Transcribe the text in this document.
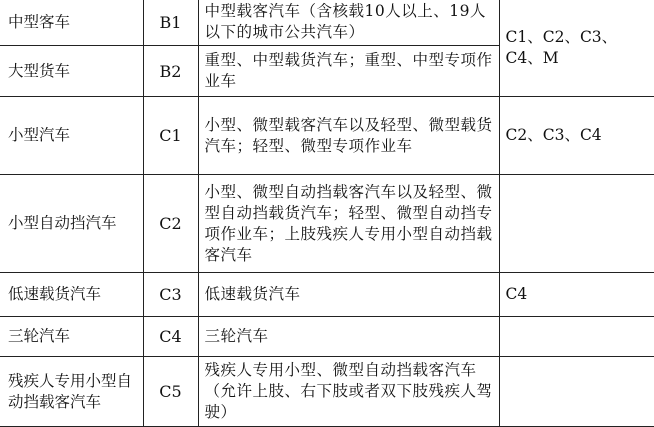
中型客车	B1	中型载客汽车（含核载10人以上、19人以下的城市公共汽车）	C1、C2、C3、C4、M
大型货车	B2	重型、中型载货汽车；重型、中型专项作业车	
小型汽车	C1	小型、微型载客汽车以及轻型、微型载货汽车；轻型、微型专项作业车	C2、C3、C4
小型自动挡汽车	C2	小型、微型自动挡载客汽车以及轻型、微型自动挡载货汽车；轻型、微型自动挡专项作业车；上肢残疾人专用小型自动挡载客汽车	
低速载货汽车	C3	低速载货汽车	C4
三轮汽车	C4	三轮汽车	
残疾人专用小型自动挡载客汽车	C5	残疾人专用小型、微型自动挡载客汽车（允许上肢、右下肢或者双下肢残疾人驾驶）	
